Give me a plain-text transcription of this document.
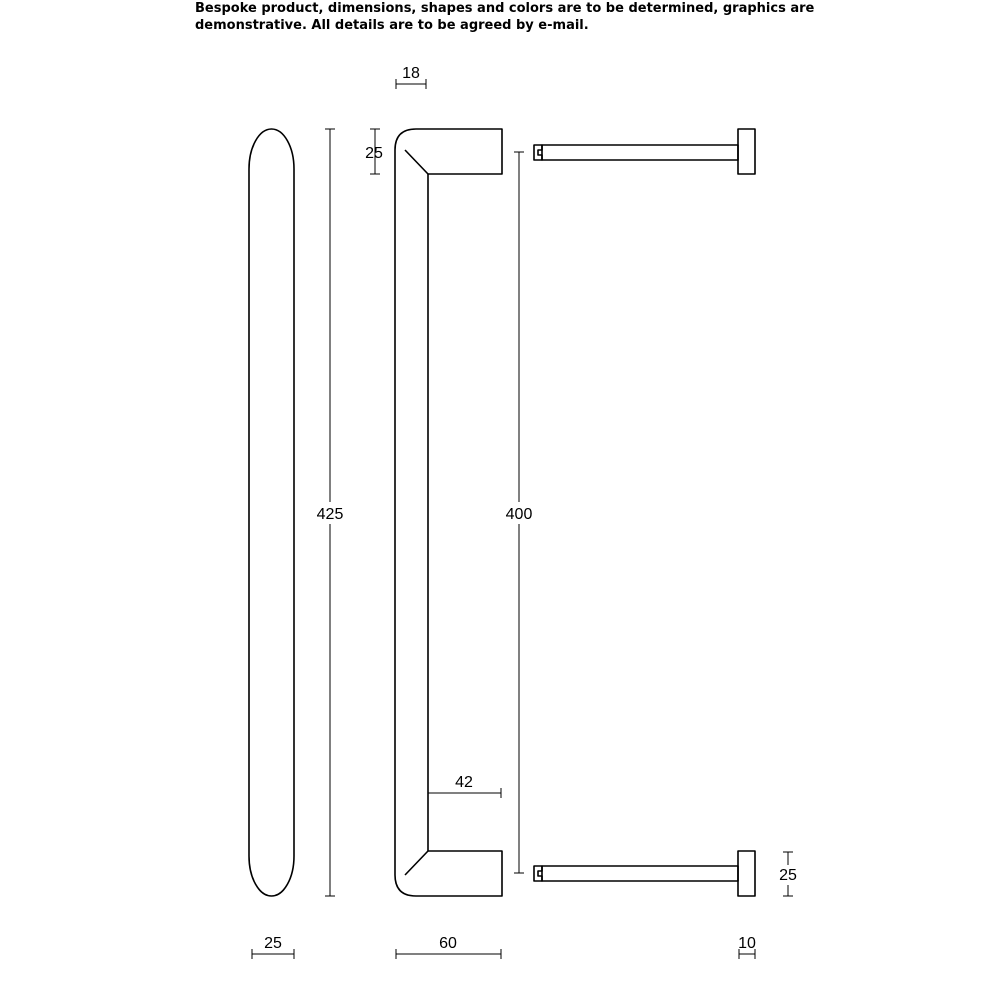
Bespoke product, dimensions, shapes and colors are to be determined, graphics are
demonstrative. All details are to be agreed by e-mail.

18
25
425	400
42
25	60	10
25
